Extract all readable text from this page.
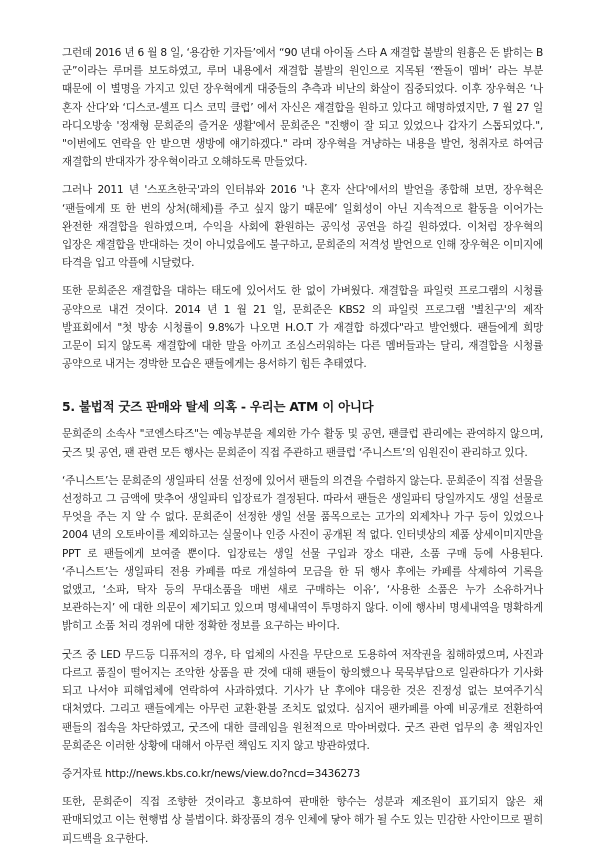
그런데 2016 년 6 월 8 일, ‘용감한 기자들’에서 “90 년대 아이돌 스타 A 재결합 불발의 원흉은 돈 밝히는 B 군”이라는 루머를 보도하였고, 루머 내용에서 재결합 불발의 원인으로 지목된 ‘짠돌이 멤버’ 라는 부분 때문에 이 별명을 가지고 있던 장우혁에게 대중들의 추측과 비난의 화살이 집중되었다. 이후 장우혁은 ‘나 혼자 산다’와 ‘디스코-셀프 디스 코믹 클럽’ 에서 자신은 재결합을 원하고 있다고 해명하였지만, 7 월 27 일 라디오방송 '정재형 문희준의 즐거운 생활'에서 문희준은 "진행이 잘 되고 있었으나 갑자기 스톱되었다.", "이번에도 연락을 안 받으면 생방에 얘기하겠다." 라며 장우혁을 겨냥하는 내용을 발언, 청취자로 하여금 재결합의 반대자가 장우혁이라고 오해하도록 만들었다.

그러나 2011 년 '스포츠한국'과의 인터뷰와 2016 '나 혼자 산다'에서의 발언을 종합해 보면, 장우혁은 ‘팬들에게 또 한 번의 상처(해체)를 주고 싶지 않기 때문에’ 일회성이 아닌 지속적으로 활동을 이어가는 완전한 재결합을 원하였으며, 수익을 사회에 환원하는 공익성 공연을 하길 원하였다. 이처럼 장우혁의 입장은 재결합을 반대하는 것이 아니었음에도 불구하고, 문희준의 저격성 발언으로 인해 장우혁은 이미지에 타격을 입고 악플에 시달렸다.

또한 문희준은 재결합을 대하는 태도에 있어서도 한 없이 가벼웠다. 재결합을 파일럿 프로그램의 시청률 공약으로 내건 것이다. 2014 년 1 월 21 일, 문희준은 KBS2 의 파일럿 프로그램 '별친구'의 제작 발표회에서 "첫 방송 시청률이 9.8%가 나오면 H.O.T 가 재결합 하겠다"라고 발언했다. 팬들에게 희망 고문이 되지 않도록 재결합에 대한 말을 아끼고 조심스러워하는 다른 멤버들과는 달리, 재결합을 시청률 공약으로 내거는 경박한 모습은 팬들에게는 용서하기 힘든 추태였다.

5. 불법적 굿즈 판매와 탈세 의혹 - 우리는 ATM 이 아니다

문희준의 소속사 "코엔스타즈"는 예능부분을 제외한 가수 활동 및 공연, 팬클럽 관리에는 관여하지 않으며, 굿즈 및 공연, 팬 관련 모든 행사는 문희준이 직접 주관하고 팬클럽 ‘주니스트’의 임원진이 관리하고 있다.

‘주니스트’는 문희준의 생일파티 선물 선정에 있어서 팬들의 의견을 수렴하지 않는다. 문희준이 직접 선물을 선정하고 그 금액에 맞추어 생일파티 입장료가 결정된다. 따라서 팬들은 생일파티 당일까지도 생일 선물로 무엇을 주는 지 알 수 없다. 문희준이 선정한 생일 선물 품목으로는 고가의 외제차나 가구 등이 있었으나 2004 년의 오토바이를 제외하고는 실물이나 인증 사진이 공개된 적 없다. 인터넷상의 제품 상세이미지만을 PPT 로 팬들에게 보여줄 뿐이다. 입장료는 생일 선물 구입과 장소 대관, 소품 구매 등에 사용된다. ‘주니스트’는 생일파티 전용 카페를 따로 개설하여 모금을 한 뒤 행사 후에는 카페를 삭제하여 기록을 없앴고, ‘소파, 탁자 등의 무대소품을 매번 새로 구매하는 이유’, ‘사용한 소품은 누가 소유하거나 보관하는지’ 에 대한 의문이 제기되고 있으며 명세내역이 투명하지 않다. 이에 행사비 명세내역을 명확하게 밝히고 소품 처리 경위에 대한 정확한 정보를 요구하는 바이다.

굿즈 중 LED 무드등 디퓨저의 경우, 타 업체의 사진을 무단으로 도용하여 저작권을 침해하였으며, 사진과 다르고 품질이 떨어지는 조악한 상품을 판 것에 대해 팬들이 항의했으나 묵묵부답으로 일관하다가 기사화 되고 나서야 피해업체에 연락하여 사과하였다. 기사가 난 후에야 대응한 것은 진정성 없는 보여주기식 대처였다. 그리고 팬들에게는 아무런 교환·환불 조치도 없었다. 심지어 팬카페를 아예 비공개로 전환하여 팬들의 접속을 차단하였고, 굿즈에 대한 클레임을 원천적으로 막아버렸다. 굿즈 관련 업무의 총 책임자인 문희준은 이러한 상황에 대해서 아무런 책임도 지지 않고 방관하였다.

증거자료 http://news.kbs.co.kr/news/view.do?ncd=3436273

또한, 문희준이 직접 조향한 것이라고 홍보하여 판매한 향수는 성분과 제조원이 표기되지 않은 채 판매되었고 이는 현행법 상 불법이다. 화장품의 경우 인체에 닿아 해가 될 수도 있는 민감한 사안이므로 필히 피드백을 요구한다.
